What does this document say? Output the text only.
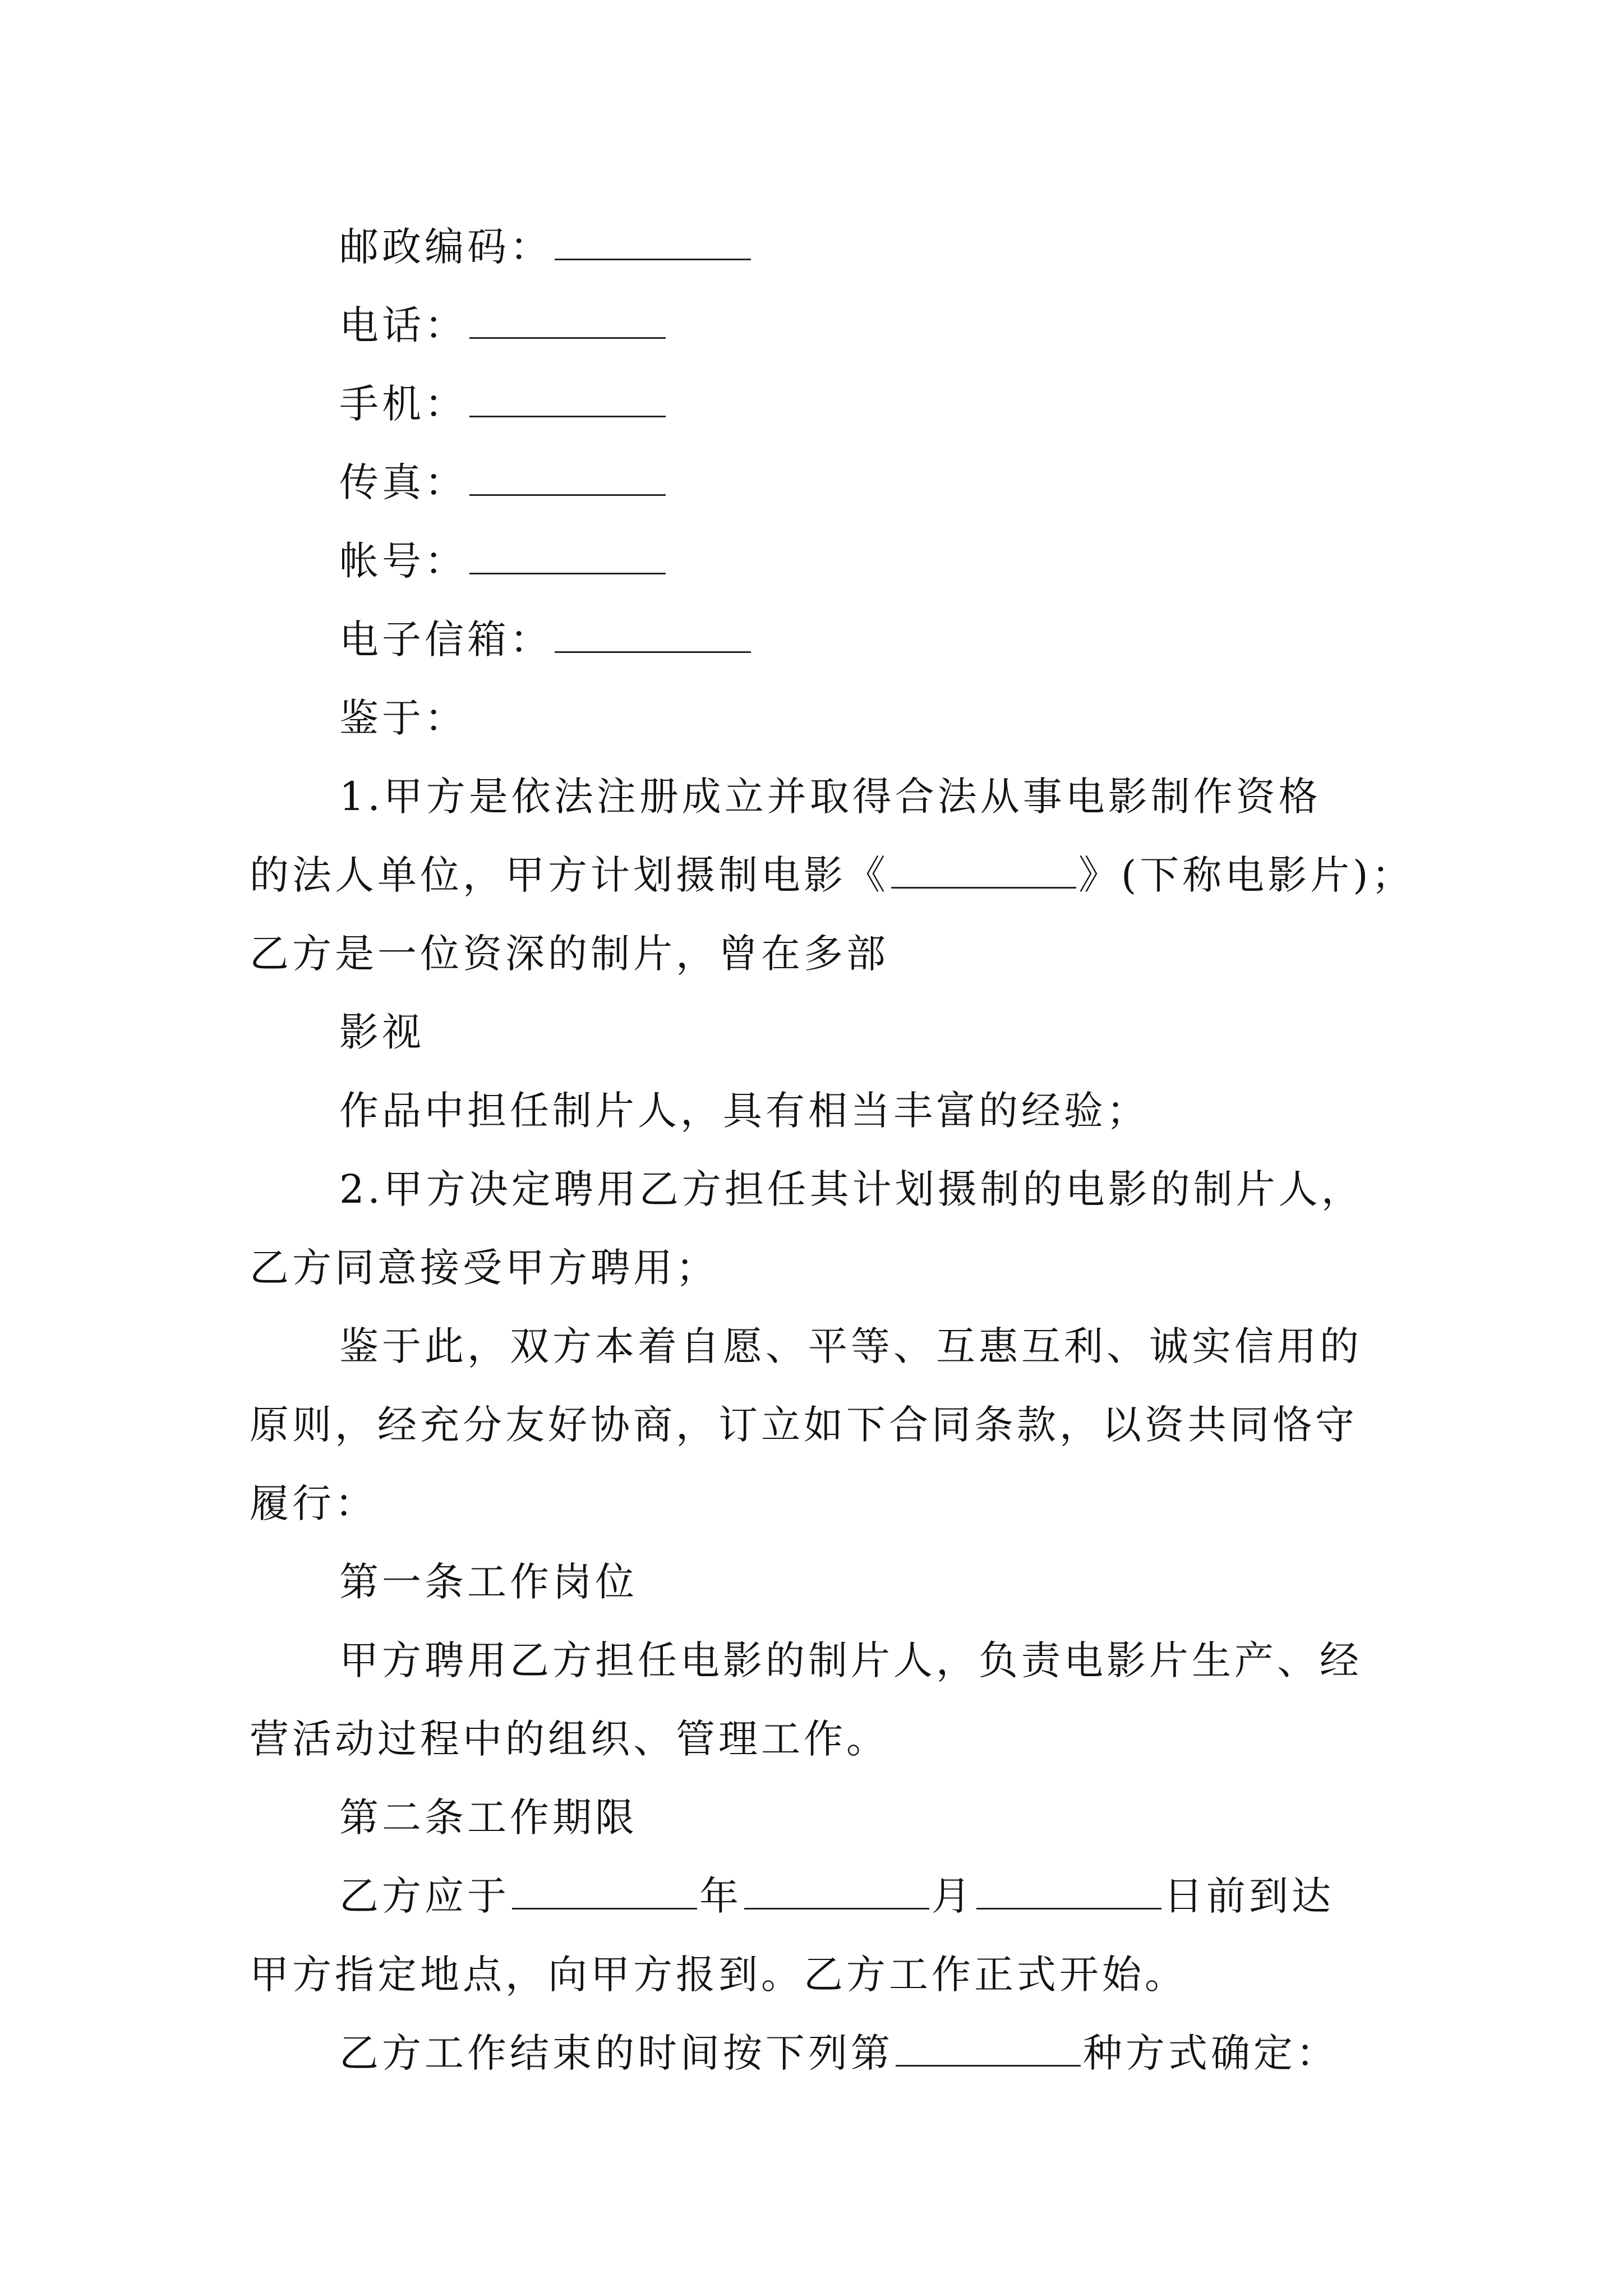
邮政编码：
电话：
手机：
传真：
帐号：
电子信箱：
鉴于：
1.甲方是依法注册成立并取得合法从事电影制作资格
的法人单位，甲方计划摄制电影《	》(下称电影片)；
乙方是一位资深的制片，曾在多部
影视
作品中担任制片人，具有相当丰富的经验；
2.甲方决定聘用乙方担任其计划摄制的电影的制片人，
乙方同意接受甲方聘用；
鉴于此，双方本着自愿、平等、互惠互利、诚实信用的
原则，经充分友好协商，订立如下合同条款，以资共同恪守
履行：
第一条工作岗位
甲方聘用乙方担任电影的制片人，负责电影片生产、经
营活动过程中的组织、管理工作。
第二条工作期限
乙方应于	年	月	日前到达
甲方指定地点，向甲方报到。乙方工作正式开始。
乙方工作结束的时间按下列第	种方式确定：
